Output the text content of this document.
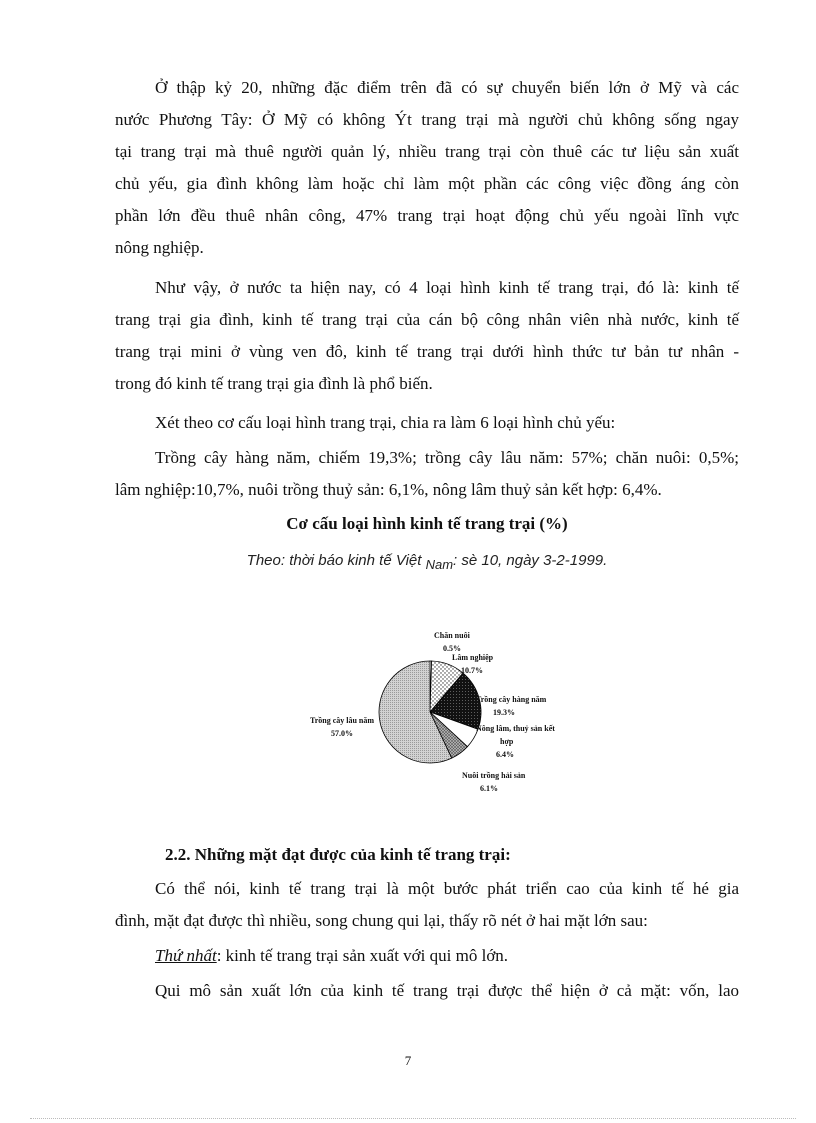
Ở thập kỷ 20, những đặc điểm trên đã có sự chuyển biến lớn ở Mỹ và các
nước Phương Tây: Ở Mỹ có không Ýt trang trại mà người chủ không sống ngay
tại trang trại mà thuê người quản lý, nhiều trang trại còn thuê các tư liệu sản xuất
chủ yếu, gia đình không làm hoặc chỉ làm một phần các công việc đồng áng còn
phần lớn đều thuê nhân công, 47% trang trại hoạt động chủ yếu ngoài lĩnh vực
nông nghiệp.

Như vậy, ở nước ta hiện nay, có 4 loại hình kinh tế trang trại, đó là: kinh tế
trang trại gia đình, kinh tế trang trại của cán bộ công nhân viên nhà nước, kinh tế
trang trại mini ở vùng ven đô, kinh tế trang trại dưới hình thức tư bản tư nhân -
trong đó kinh tế trang trại gia đình là phổ biến.

Xét theo cơ cấu loại hình trang trại, chia ra làm 6 loại hình chủ yếu:

Trồng cây hàng năm, chiếm 19,3%; trồng cây lâu năm: 57%; chăn nuôi: 0,5%;
lâm nghiệp:10,7%, nuôi trồng thuỷ sản: 6,1%, nông lâm thuỷ sản kết hợp: 6,4%.

Cơ cấu loại hình kinh tế trang trại (%)

Theo: thời báo kinh tế Việt Nam: sè 10, ngày 3-2-1999.

Chăn nuôi 0.5%
Lâm nghiệp 10.7%
Trồng cây hàng năm 19.3%
Nông lâm, thuỷ sản kết hợp 6.4%
Nuôi trồng hải sản 6.1%
Trồng cây lâu năm 57.0%

2.2. Những mặt đạt được của kinh tế trang trại:

Có thể nói, kinh tế trang trại là một bước phát triển cao của kinh tế hé gia
đình, mặt đạt được thì nhiều, song chung qui lại, thấy rõ nét ở hai mặt lớn sau:

Thứ nhất: kinh tế trang trại sản xuất với qui mô lớn.

Qui mô sản xuất lớn của kinh tế trang trại được thể hiện ở cả mặt: vốn, lao

7
